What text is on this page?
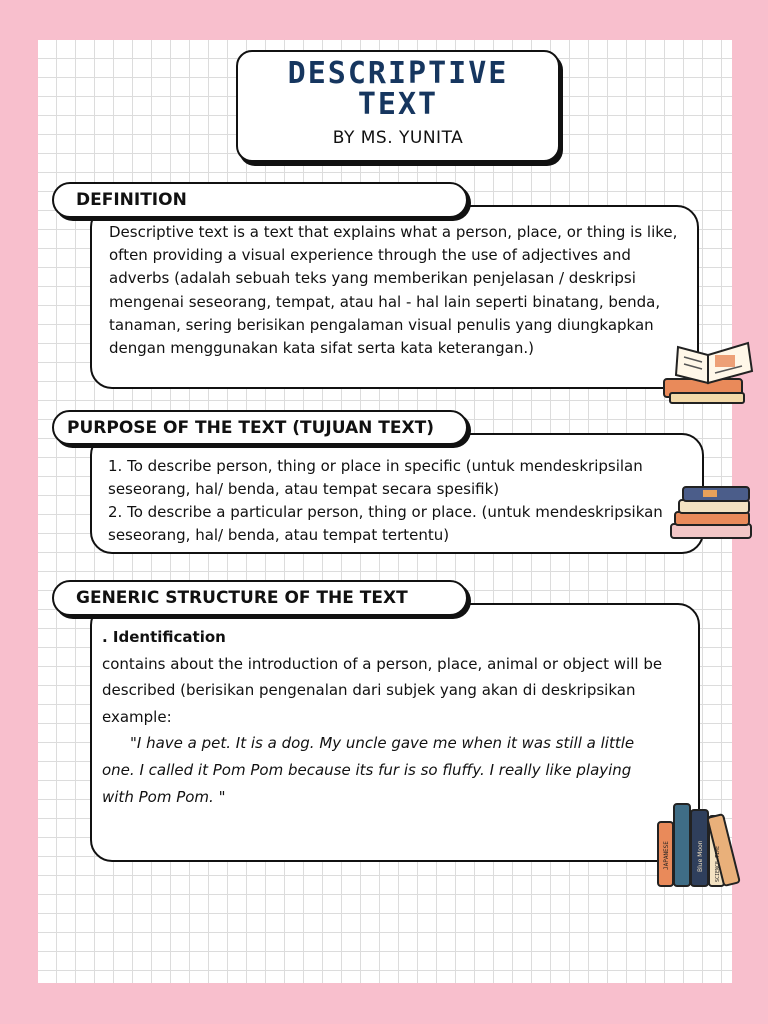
DESCRIPTIVE
TEXT
BY MS. YUNITA
DEFINITION

Descriptive text is a text that explains what a person, place, or thing is like, often providing a visual experience through the use of adjectives and adverbs (adalah sebuah teks yang memberikan penjelasan / deskripsi mengenai seseorang, tempat, atau hal - hal lain seperti binatang, benda, tanaman, sering berisikan pengalaman visual penulis yang diungkapkan dengan menggunakan kata sifat serta kata keterangan.)

PURPOSE OF THE TEXT (TUJUAN TEXT)

1. To describe person, thing or place in specific (untuk mendeskripsilan seseorang, hal/ benda, atau tempat secara spesifik)

2. To describe a particular person, thing or place. (untuk mendeskripsikan seseorang, hal/ benda, atau tempat tertentu)

GENERIC STRUCTURE OF THE TEXT

. Identification

contains about the introduction of a person, place, animal or object will be described (berisikan pengenalan dari subjek yang akan di deskripsikan

example:

"I have a pet. It is a dog. My uncle gave me when it was still a little one. I called it Pom Pom because its fur is so fluffy. I really like playing with Pom Pom. "

JAPANESE	Blue Moon SCIENCE TIME
